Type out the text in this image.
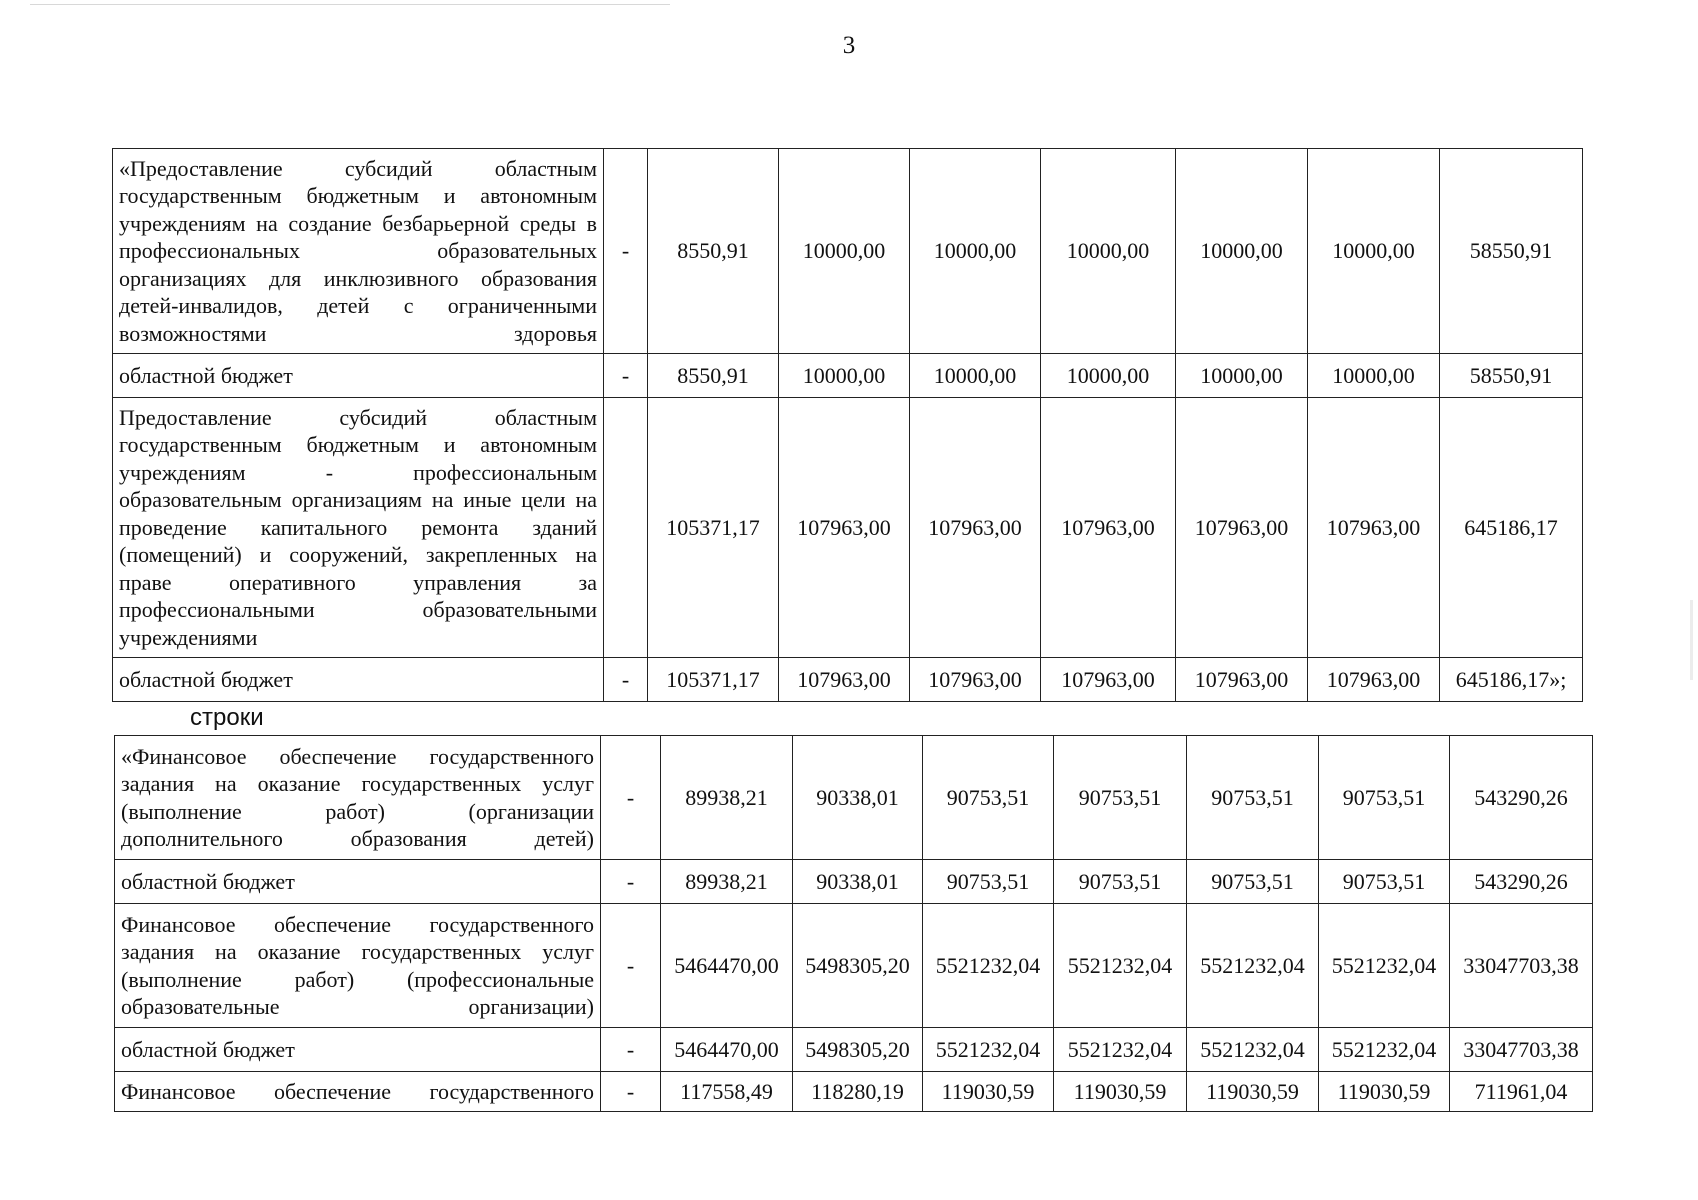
3
«Предоставление субсидий областным государственным бюджетным и автономным учреждениям на создание безбарьерной среды в профессиональных образовательных организациях для инклюзивного образования детей-инвалидов, детей с ограниченными возможностями здоровья	-	8550,91	10000,00	10000,00	10000,00	10000,00	10000,00	58550,91
областной бюджет	-	8550,91	10000,00	10000,00	10000,00	10000,00	10000,00	58550,91
Предоставление субсидий областным государственным бюджетным и автономным учреждениям - профессиональным образовательным организациям на иные цели на проведение капитального ремонта зданий (помещений) и сооружений, закрепленных на праве оперативного управления за профессиональными образовательными учреждениями		105371,17	107963,00	107963,00	107963,00	107963,00	107963,00	645186,17
областной бюджет	-	105371,17	107963,00	107963,00	107963,00	107963,00	107963,00	645186,17»;
строки
«Финансовое обеспечение государственного задания на оказание государственных услуг (выполнение работ) (организации дополнительного образования детей)	-	89938,21	90338,01	90753,51	90753,51	90753,51	90753,51	543290,26
областной бюджет	-	89938,21	90338,01	90753,51	90753,51	90753,51	90753,51	543290,26
Финансовое обеспечение государственного задания на оказание государственных услуг (выполнение работ) (профессиональные образовательные организации)	-	5464470,00	5498305,20	5521232,04	5521232,04	5521232,04	5521232,04	33047703,38
областной бюджет	-	5464470,00	5498305,20	5521232,04	5521232,04	5521232,04	5521232,04	33047703,38
Финансовое обеспечение государственного	-	117558,49	118280,19	119030,59	119030,59	119030,59	119030,59	711961,04
